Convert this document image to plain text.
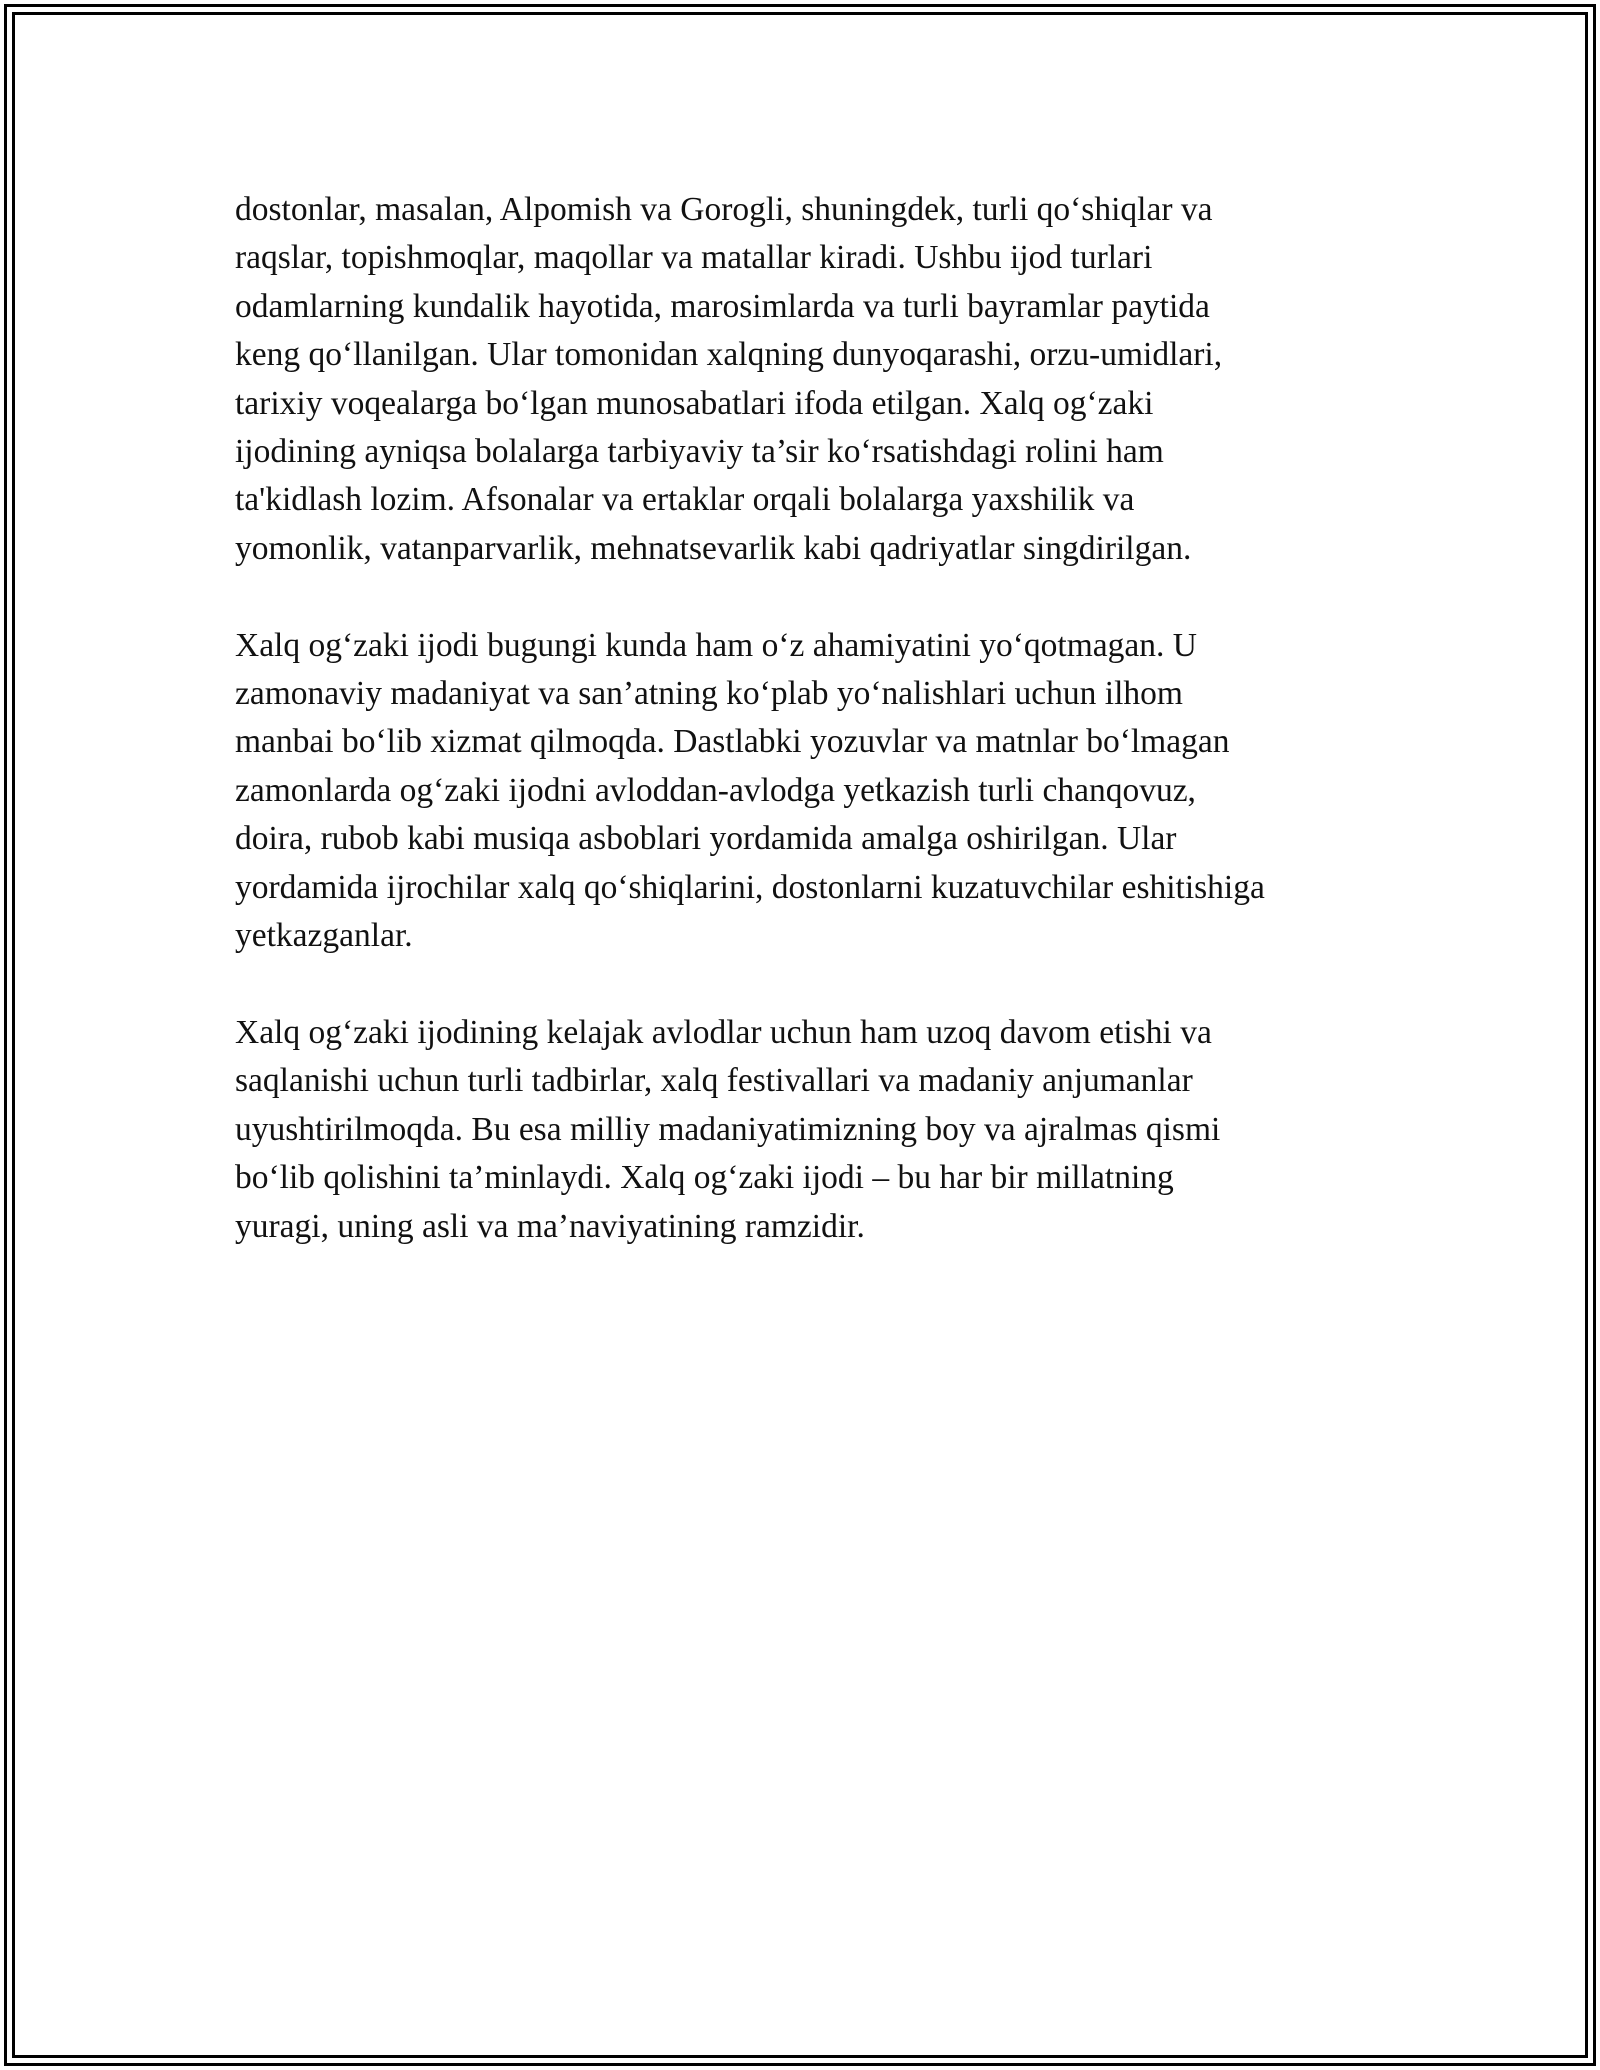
dostonlar, masalan, Alpomish va Gorogli, shuningdek, turli qo‘shiqlar va
raqslar, topishmoqlar, maqollar va matallar kiradi. Ushbu ijod turlari
odamlarning kundalik hayotida, marosimlarda va turli bayramlar paytida
keng qo‘llanilgan. Ular tomonidan xalqning dunyoqarashi, orzu-umidlari,
tarixiy voqealarga bo‘lgan munosabatlari ifoda etilgan. Xalq og‘zaki
ijodining ayniqsa bolalarga tarbiyaviy ta’sir ko‘rsatishdagi rolini ham
ta'kidlash lozim. Afsonalar va ertaklar orqali bolalarga yaxshilik va
yomonlik, vatanparvarlik, mehnatsevarlik kabi qadriyatlar singdirilgan.
Xalq og‘zaki ijodi bugungi kunda ham o‘z ahamiyatini yo‘qotmagan. U
zamonaviy madaniyat va san’atning ko‘plab yo‘nalishlari uchun ilhom
manbai bo‘lib xizmat qilmoqda. Dastlabki yozuvlar va matnlar bo‘lmagan
zamonlarda og‘zaki ijodni avloddan-avlodga yetkazish turli chanqovuz,
doira, rubob kabi musiqa asboblari yordamida amalga oshirilgan. Ular
yordamida ijrochilar xalq qo‘shiqlarini, dostonlarni kuzatuvchilar eshitishiga
yetkazganlar.
Xalq og‘zaki ijodining kelajak avlodlar uchun ham uzoq davom etishi va
saqlanishi uchun turli tadbirlar, xalq festivallari va madaniy anjumanlar
uyushtirilmoqda. Bu esa milliy madaniyatimizning boy va ajralmas qismi
bo‘lib qolishini ta’minlaydi. Xalq og‘zaki ijodi – bu har bir millatning
yuragi, uning asli va ma’naviyatining ramzidir.
